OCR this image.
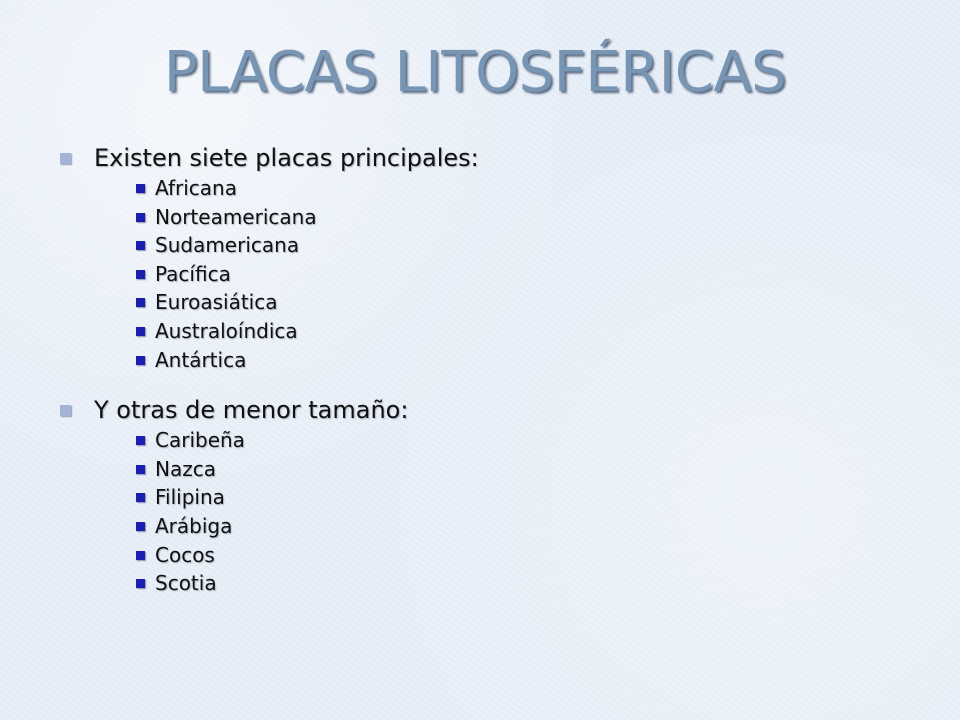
PLACAS LITOSFÉRICAS
Existen siete placas principales:
Africana
Norteamericana
Sudamericana
Pacífica
Euroasiática
Australoíndica
Antártica
Y otras de menor tamaño:
Caribeña
Nazca
Filipina
Arábiga
Cocos
Scotia
